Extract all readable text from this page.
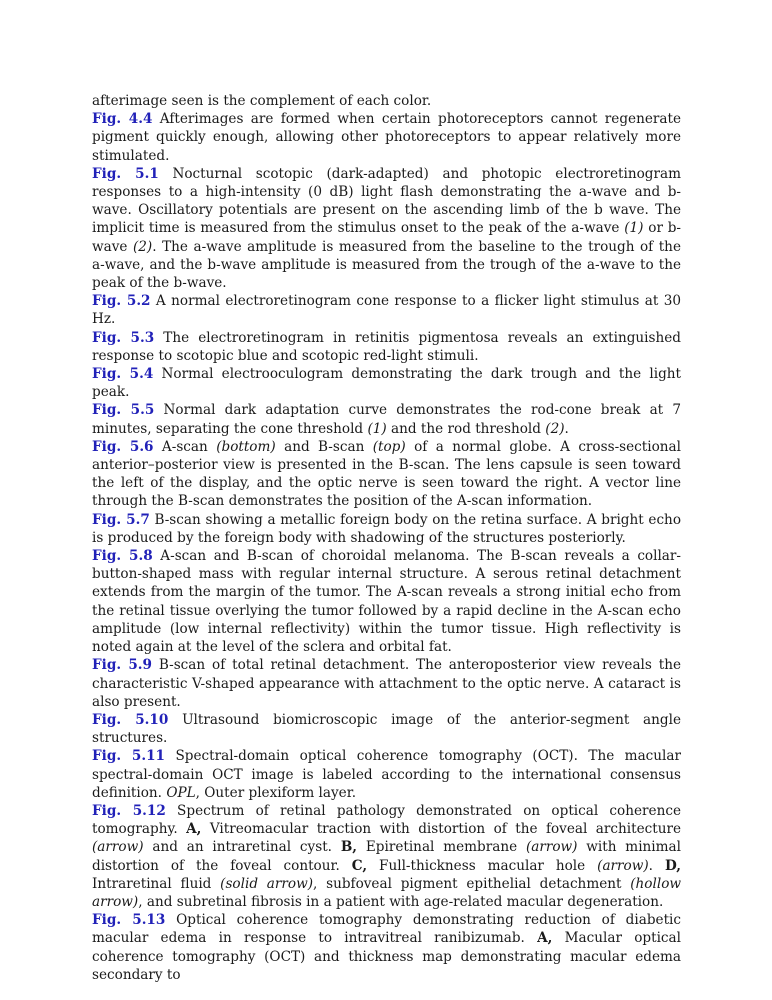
afterimage seen is the complement of each color.

Fig. 4.4 Afterimages are formed when certain photoreceptors cannot regenerate pigment quickly enough, allowing other photoreceptors to appear relatively more stimulated.

Fig. 5.1 Nocturnal scotopic (dark-adapted) and photopic electroretinogram responses to a high-intensity (0 dB) light flash demonstrating the a-wave and b-wave. Oscillatory potentials are present on the ascending limb of the b wave. The implicit time is measured from the stimulus onset to the peak of the a-wave (1) or b-wave (2). The a-wave amplitude is measured from the baseline to the trough of the a-wave, and the b-wave amplitude is measured from the trough of the a-wave to the peak of the b-wave.

Fig. 5.2 A normal electroretinogram cone response to a flicker light stimulus at 30 Hz.

Fig. 5.3 The electroretinogram in retinitis pigmentosa reveals an extinguished response to scotopic blue and scotopic red-light stimuli.

Fig. 5.4 Normal electrooculogram demonstrating the dark trough and the light peak.

Fig. 5.5 Normal dark adaptation curve demonstrates the rod-cone break at 7 minutes, separating the cone threshold (1) and the rod threshold (2).

Fig. 5.6 A-scan (bottom) and B-scan (top) of a normal globe. A cross-sectional anterior–posterior view is presented in the B-scan. The lens capsule is seen toward the left of the display, and the optic nerve is seen toward the right. A vector line through the B-scan demonstrates the position of the A-scan information.

Fig. 5.7 B-scan showing a metallic foreign body on the retina surface. A bright echo is produced by the foreign body with shadowing of the structures posteriorly.

Fig. 5.8 A-scan and B-scan of choroidal melanoma. The B-scan reveals a collar-button-shaped mass with regular internal structure. A serous retinal detachment extends from the margin of the tumor. The A-scan reveals a strong initial echo from the retinal tissue overlying the tumor followed by a rapid decline in the A-scan echo amplitude (low internal reflectivity) within the tumor tissue. High reflectivity is noted again at the level of the sclera and orbital fat.

Fig. 5.9 B-scan of total retinal detachment. The anteroposterior view reveals the characteristic V-shaped appearance with attachment to the optic nerve. A cataract is also present.

Fig. 5.10 Ultrasound biomicroscopic image of the anterior-segment angle structures.

Fig. 5.11 Spectral-domain optical coherence tomography (OCT). The macular spectral-domain OCT image is labeled according to the international consensus definition. OPL, Outer plexiform layer.

Fig. 5.12 Spectrum of retinal pathology demonstrated on optical coherence tomography. A, Vitreomacular traction with distortion of the foveal architecture (arrow) and an intraretinal cyst. B, Epiretinal membrane (arrow) with minimal distortion of the foveal contour. C, Full-thickness macular hole (arrow). D, Intraretinal fluid (solid arrow), subfoveal pigment epithelial detachment (hollow arrow), and subretinal fibrosis in a patient with age-related macular degeneration.

Fig. 5.13 Optical coherence tomography demonstrating reduction of diabetic macular edema in response to intravitreal ranibizumab. A, Macular optical coherence tomography (OCT) and thickness map demonstrating macular edema secondary to
